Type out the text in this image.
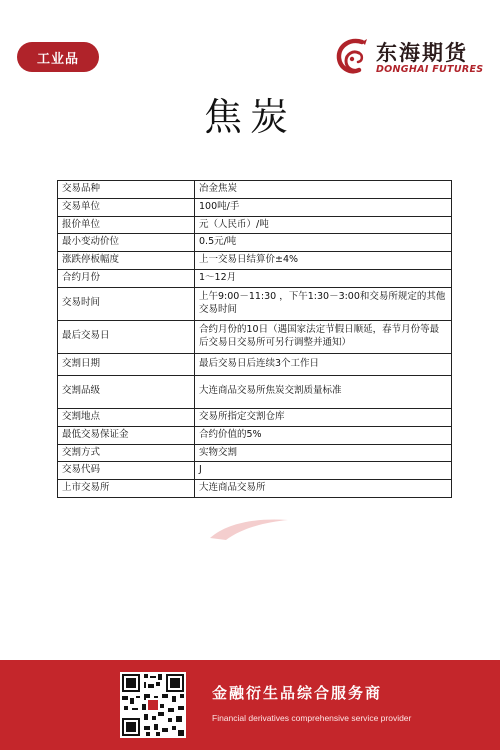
工业品	东海期货
DONGHAI FUTURES
焦炭
交易品种	冶金焦炭
交易单位	100吨/手
报价单位	元（人民币）/吨
最小变动价位	0.5元/吨
涨跌停板幅度	上一交易日结算价±4%
合约月份	1～12月
交易时间	上午9:00－11:30 ，下午1:30－3:00和交易所规定的其他交易时间
最后交易日	合约月份的10日（遇国家法定节假日顺延，春节月份等最后交易日交易所可另行调整并通知）
交割日期	最后交易日后连续3个工作日
交割品级	大连商品交易所焦炭交割质量标准
交割地点	交易所指定交割仓库
最低交易保证金	合约价值的5%
交割方式	实物交割
交易代码	J
上市交易所	大连商品交易所
金融衍生品综合服务商
Financial derivatives comprehensive service provider
